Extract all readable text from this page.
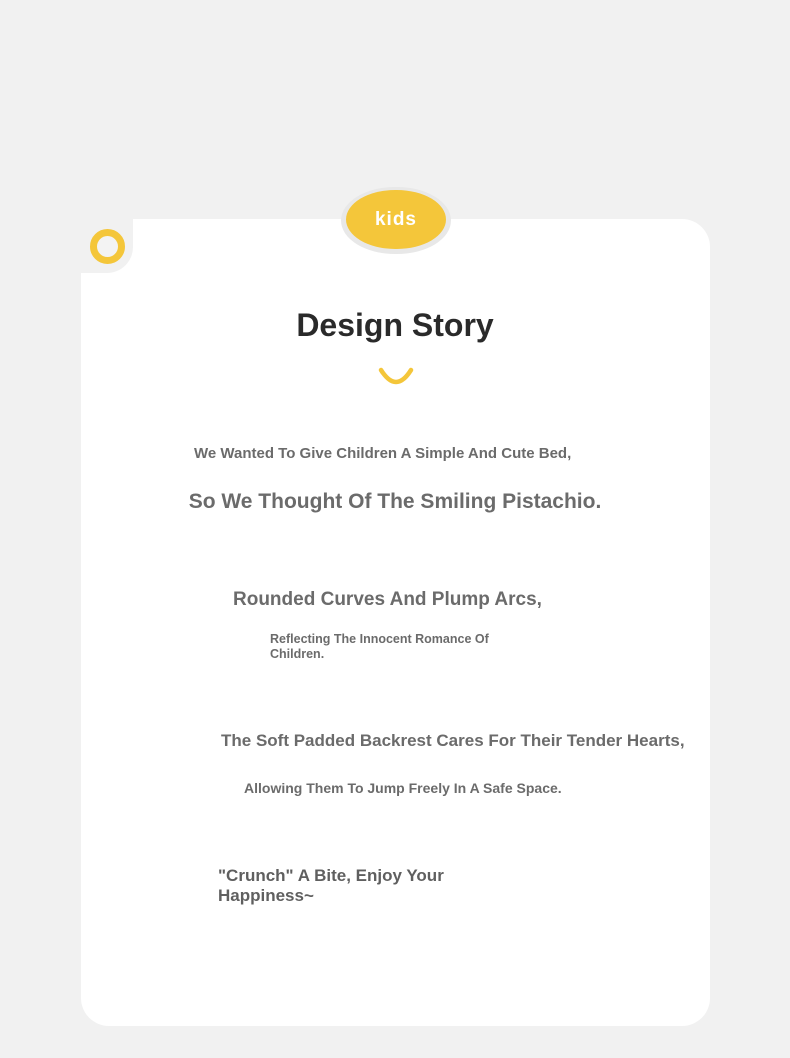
kids
Design Story
We Wanted To Give Children A Simple And Cute Bed,
So We Thought Of The Smiling Pistachio.
Rounded Curves And Plump Arcs,
Reflecting The Innocent Romance Of Children.
The Soft Padded Backrest Cares For Their Tender Hearts,
Allowing Them To Jump Freely In A Safe Space.
"Crunch" A Bite, Enjoy Your Happiness~
